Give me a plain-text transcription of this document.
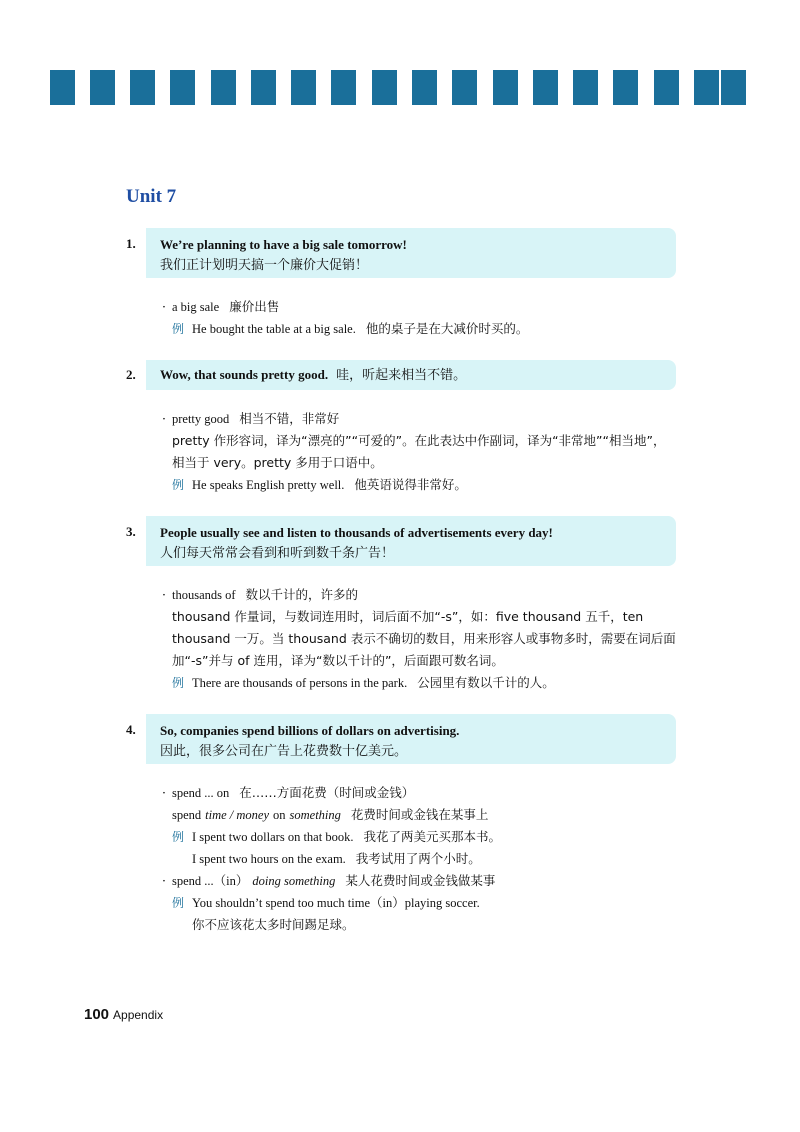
Unit 7
1. We’re planning to have a big sale tomorrow!
我们正计划明天搞一个廉价大促销！
· a big sale 廉价出售
例 He bought the table at a big sale. 他的桌子是在大减价时买的。
2.	Wow, that sounds pretty good. 哇，听起来相当不错。
· pretty good 相当不错，非常好
pretty 作形容词，译为“漂亮的”“可爱的”。在此表达中作副词，译为“非常地”“相当地”，相当于 very。pretty 多用于口语中。
例 He speaks English pretty well. 他英语说得非常好。
3. People usually see and listen to thousands of advertisements every day!
人们每天常常会看到和听到数千条广告！
· thousands of 数以千计的，许多的
thousand 作量词，与数词连用时，词后面不加“-s”，如：five thousand 五千，ten thousand 一万。当 thousand 表示不确切的数目，用来形容人或事物多时，需要在词后面加“-s”并与 of 连用，译为“数以千计的”，后面跟可数名词。
例 There are thousands of persons in the park. 公园里有数以千计的人。
4. So, companies spend billions of dollars on advertising.
因此，很多公司在广告上花费数十亿美元。
· spend ... on 在……方面花费（时间或金钱）
spend time / money on something 花费时间或金钱在某事上
例 I spent two dollars on that book. 我花了两美元买那本书。
I spent two hours on the exam. 我考试用了两个小时。
· spend ...（in） doing something 某人花费时间或金钱做某事
例 You shouldn’t spend too much time（in）playing soccer.
你不应该花太多时间踢足球。
100 Appendix
